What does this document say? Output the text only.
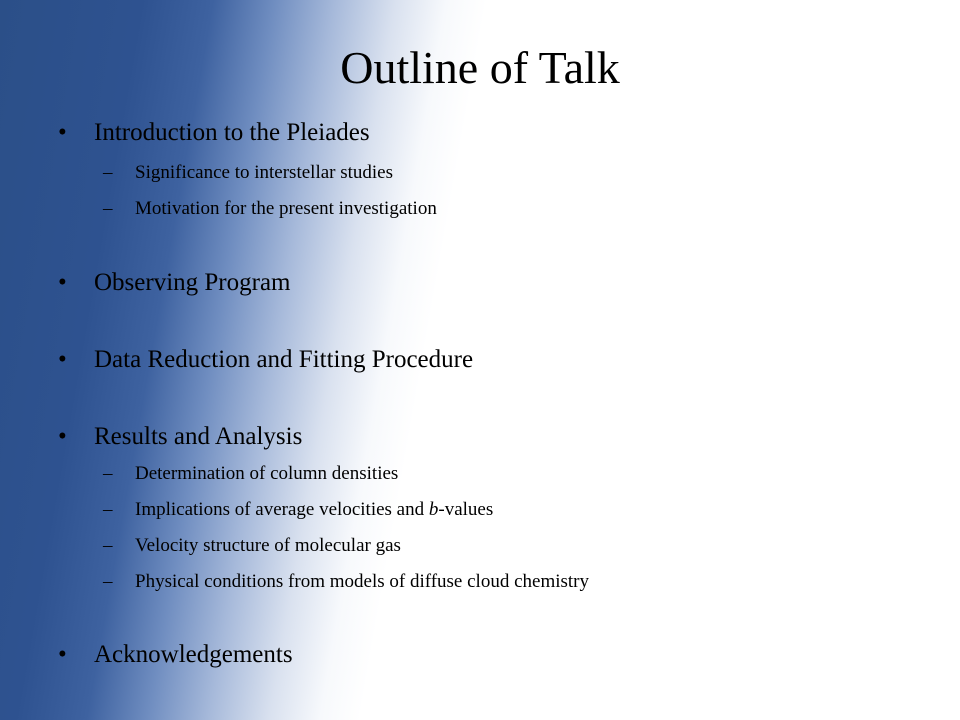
Outline of Talk
• Introduction to the Pleiades
– Significance to interstellar studies
– Motivation for the present investigation
• Observing Program
• Data Reduction and Fitting Procedure
• Results and Analysis
– Determination of column densities
– Implications of average velocities and b-values
– Velocity structure of molecular gas
– Physical conditions from models of diffuse cloud chemistry
• Acknowledgements
